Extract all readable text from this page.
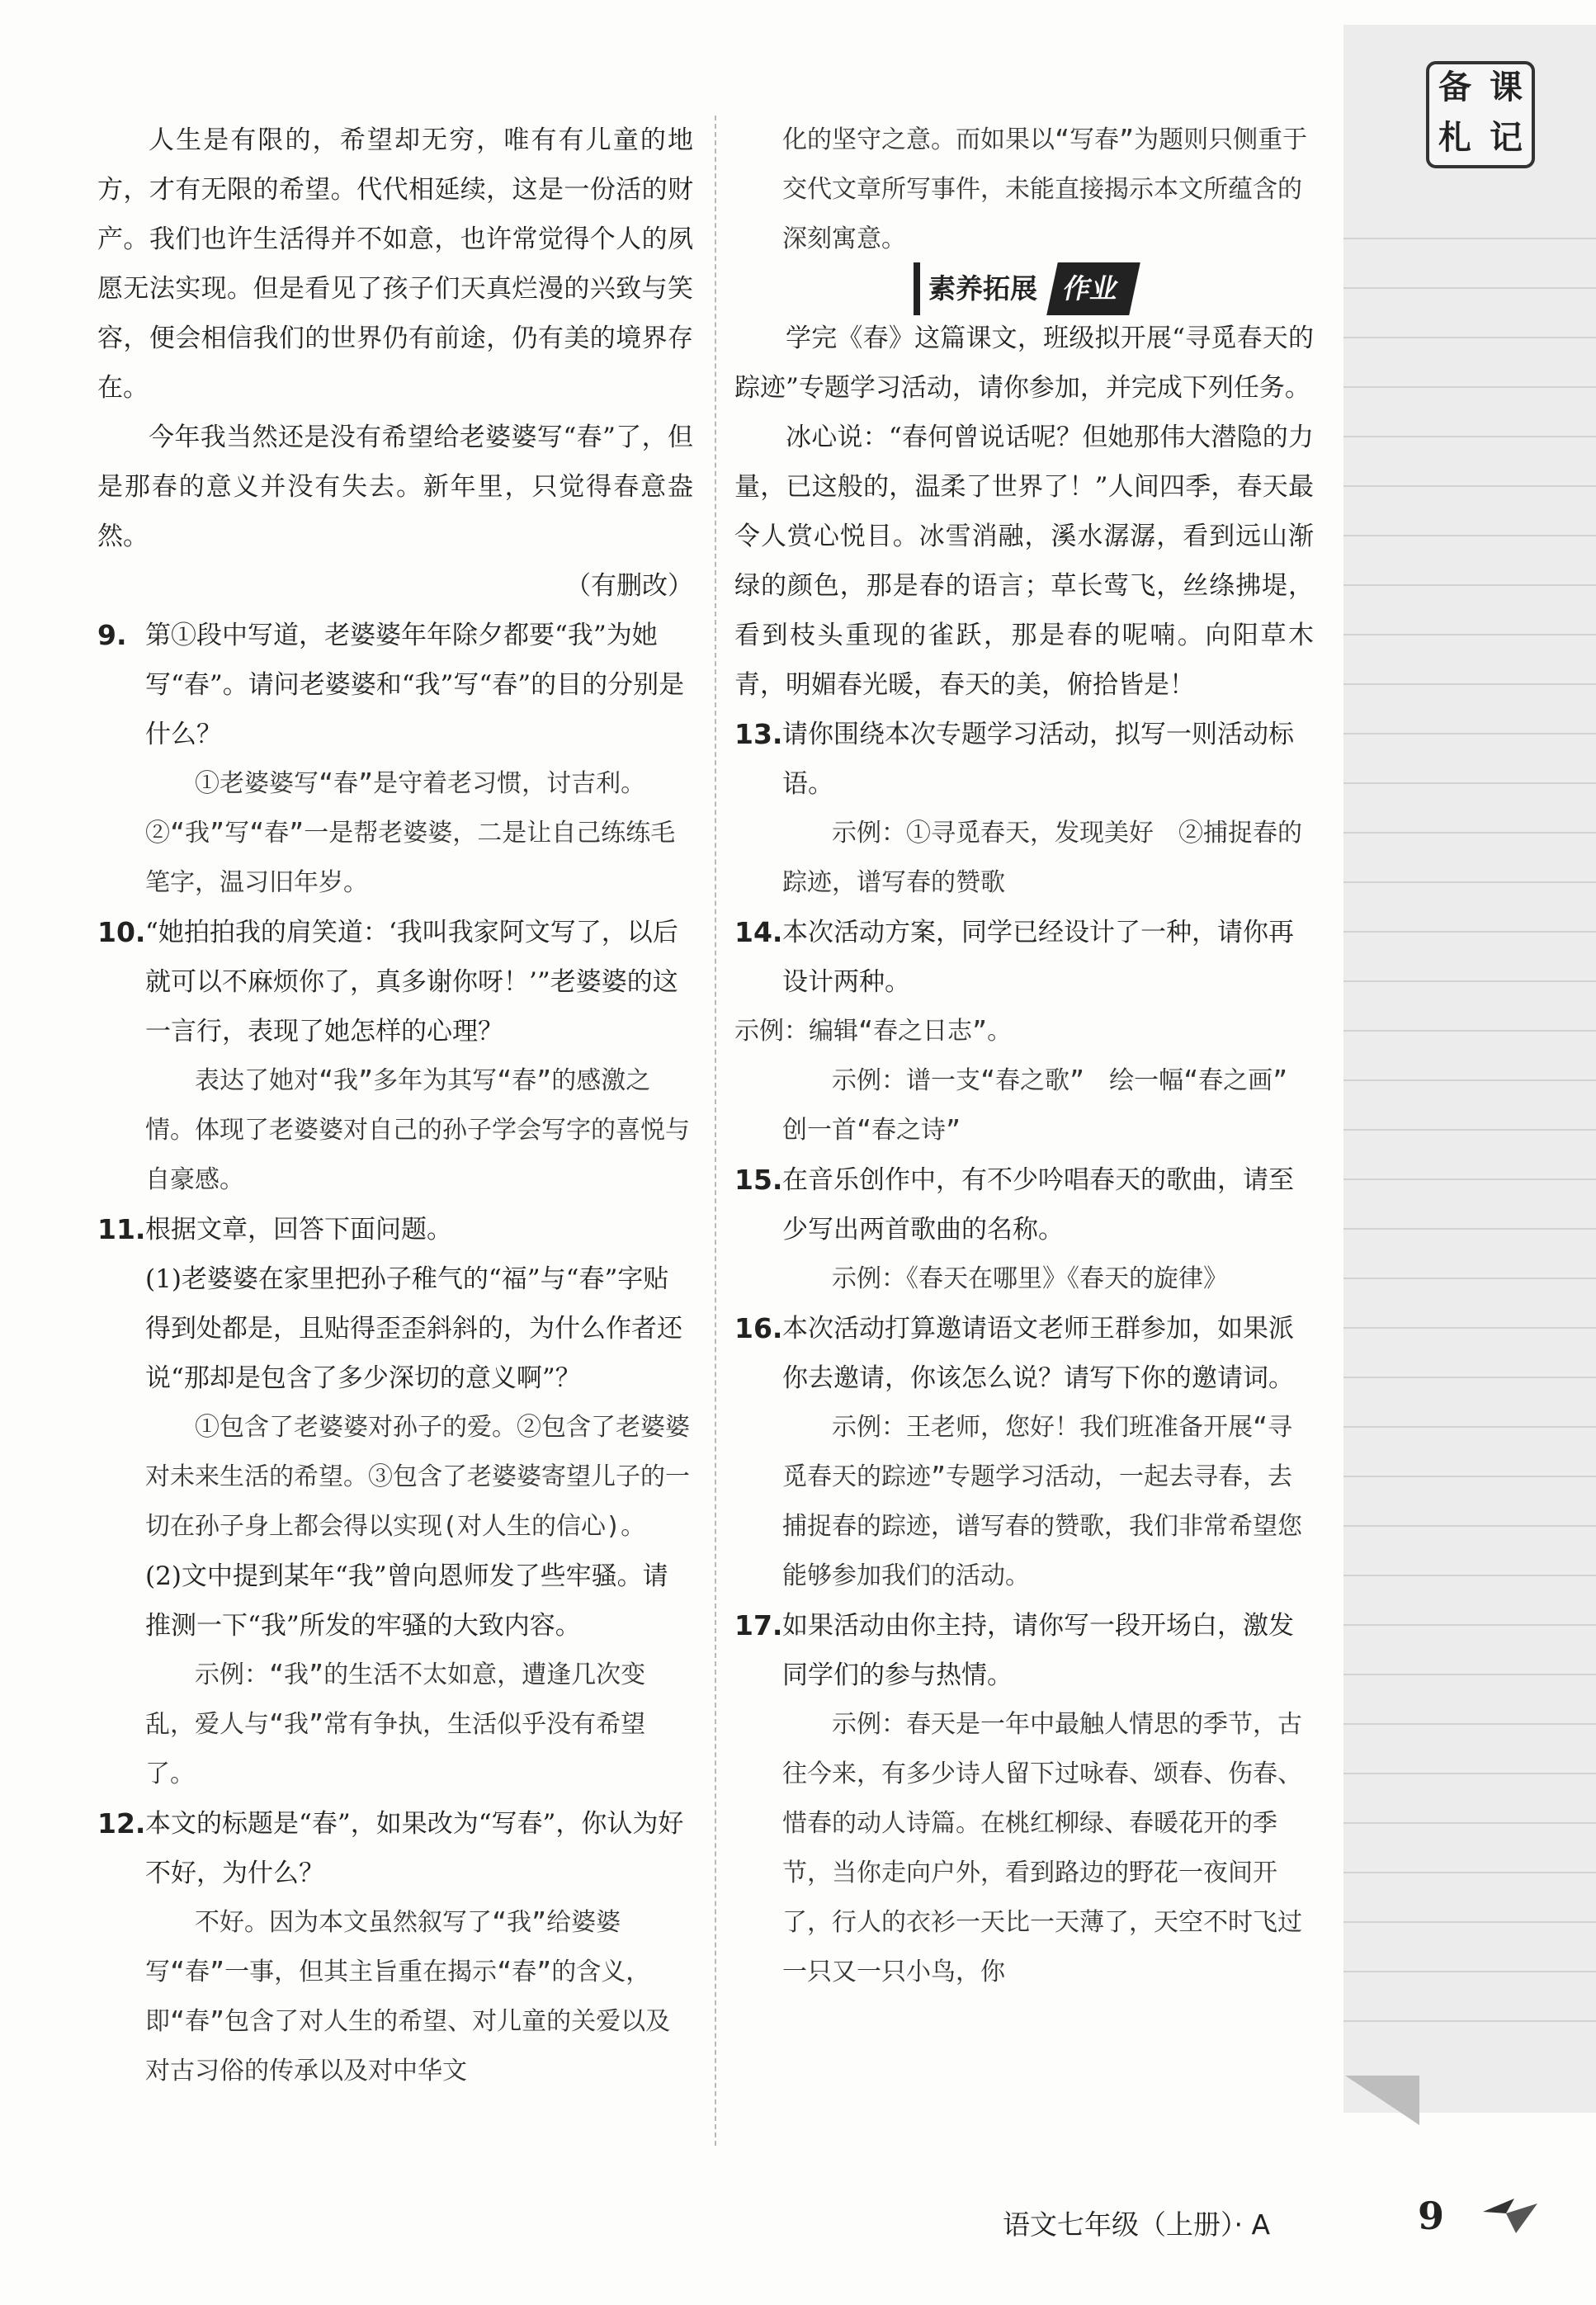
备 课
札 记

人生是有限的，希望却无穷，唯有有儿童的地方，才有无限的希望。代代相延续，这是一份活的财产。我们也许生活得并不如意，也许常觉得个人的夙愿无法实现。但是看见了孩子们天真烂漫的兴致与笑容，便会相信我们的世界仍有前途，仍有美的境界存在。

今年我当然还是没有希望给老婆婆写“春”了，但是那春的意义并没有失去。新年里，只觉得春意盎然。

（有删改）

9. 第①段中写道，老婆婆年年除夕都要“我”为她写“春”。请问老婆婆和“我”写“春”的目的分别是什么？

①老婆婆写“春”是守着老习惯，讨吉利。

②“我”写“春”一是帮老婆婆，二是让自己练练毛笔字，温习旧年岁。

10. “她拍拍我的肩笑道：‘我叫我家阿文写了，以后就可以不麻烦你了，真多谢你呀！’”老婆婆的这一言行，表现了她怎样的心理？

表达了她对“我”多年为其写“春”的感激之情。体现了老婆婆对自己的孙子学会写字的喜悦与自豪感。

11. 根据文章，回答下面问题。

(1)老婆婆在家里把孙子稚气的“福”与“春”字贴得到处都是，且贴得歪歪斜斜的，为什么作者还说“那却是包含了多少深切的意义啊”？

①包含了老婆婆对孙子的爱。②包含了老婆婆对未来生活的希望。③包含了老婆婆寄望儿子的一切在孙子身上都会得以实现(对人生的信心)。

(2)文中提到某年“我”曾向恩师发了些牢骚。请推测一下“我”所发的牢骚的大致内容。

示例：“我”的生活不太如意，遭逢几次变乱，爱人与“我”常有争执，生活似乎没有希望了。

12. 本文的标题是“春”，如果改为“写春”，你认为好不好，为什么？

不好。因为本文虽然叙写了“我”给婆婆写“春”一事，但其主旨重在揭示“春”的含义，即“春”包含了对人生的希望、对儿童的关爱以及对古习俗的传承以及对中华文

化的坚守之意。而如果以“写春”为题则只侧重于交代文章所写事件，未能直接揭示本文所蕴含的深刻寓意。

素养拓展 作业

学完《春》这篇课文，班级拟开展“寻觅春天的踪迹”专题学习活动，请你参加，并完成下列任务。

冰心说：“春何曾说话呢？但她那伟大潜隐的力量，已这般的，温柔了世界了！”人间四季，春天最令人赏心悦目。冰雪消融，溪水潺潺，看到远山渐绿的颜色，那是春的语言；草长莺飞，丝绦拂堤，看到枝头重现的雀跃，那是春的呢喃。向阳草木青，明媚春光暖，春天的美，俯拾皆是！

13. 请你围绕本次专题学习活动，拟写一则活动标语。

示例：①寻觅春天，发现美好　②捕捉春的踪迹，谱写春的赞歌

14. 本次活动方案，同学已经设计了一种，请你再设计两种。

示例：编辑“春之日志”。

示例：谱一支“春之歌”　绘一幅“春之画”　创一首“春之诗”

15. 在音乐创作中，有不少吟唱春天的歌曲，请至少写出两首歌曲的名称。

示例：《春天在哪里》《春天的旋律》

16. 本次活动打算邀请语文老师王群参加，如果派你去邀请，你该怎么说？请写下你的邀请词。

示例：王老师，您好！我们班准备开展“寻觅春天的踪迹”专题学习活动，一起去寻春，去捕捉春的踪迹，谱写春的赞歌，我们非常希望您能够参加我们的活动。

17. 如果活动由你主持，请你写一段开场白，激发同学们的参与热情。

示例：春天是一年中最触人情思的季节，古往今来，有多少诗人留下过咏春、颂春、伤春、惜春的动人诗篇。在桃红柳绿、春暖花开的季节，当你走向户外，看到路边的野花一夜间开了，行人的衣衫一天比一天薄了，天空不时飞过一只又一只小鸟，你

语文七年级（上册）· A	9
